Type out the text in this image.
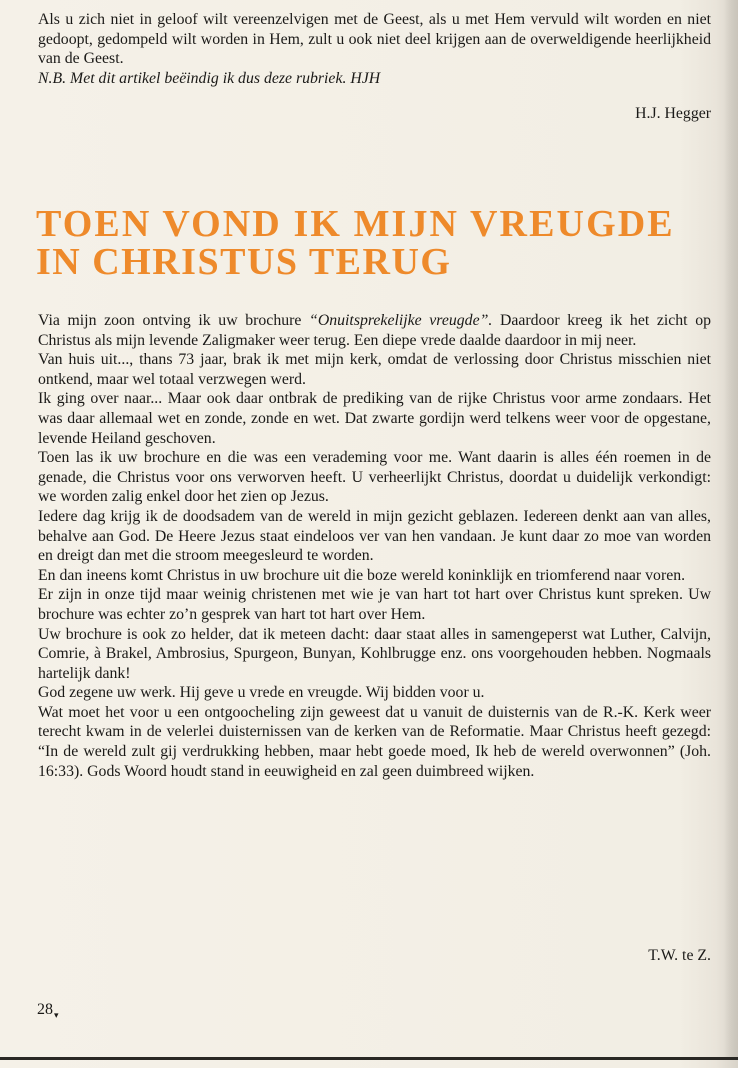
Als u zich niet in geloof wilt vereenzelvigen met de Geest, als u met Hem vervuld wilt worden en niet gedoopt, gedompeld wilt worden in Hem, zult u ook niet deel krijgen aan de overweldigende heerlijkheid van de Geest.

N.B. Met dit artikel beëindig ik dus deze rubriek. HJH

H.J. Hegger
TOEN VOND IK MIJN VREUGDE
IN CHRISTUS TERUG

Via mijn zoon ontving ik uw brochure “Onuitsprekelijke vreugde”. Daardoor kreeg ik het zicht op Christus als mijn levende Zaligmaker weer terug. Een diepe vrede daalde daardoor in mij neer.

Van huis uit..., thans 73 jaar, brak ik met mijn kerk, omdat de verlossing door Christus misschien niet ontkend, maar wel totaal verzwegen werd.

Ik ging over naar... Maar ook daar ontbrak de prediking van de rijke Christus voor arme zondaars. Het was daar allemaal wet en zonde, zonde en wet. Dat zwarte gordijn werd telkens weer voor de opgestane, levende Heiland geschoven.

Toen las ik uw brochure en die was een verademing voor me. Want daarin is alles één roemen in de genade, die Christus voor ons verworven heeft. U verheerlijkt Christus, doordat u duidelijk verkondigt: we worden zalig enkel door het zien op Jezus.

Iedere dag krijg ik de doodsadem van de wereld in mijn gezicht geblazen. Iedereen denkt aan van alles, behalve aan God. De Heere Jezus staat eindeloos ver van hen vandaan. Je kunt daar zo moe van worden en dreigt dan met die stroom meegesleurd te worden.

En dan ineens komt Christus in uw brochure uit die boze wereld koninklijk en triomferend naar voren.

Er zijn in onze tijd maar weinig christenen met wie je van hart tot hart over Christus kunt spreken. Uw brochure was echter zo’n gesprek van hart tot hart over Hem.

Uw brochure is ook zo helder, dat ik meteen dacht: daar staat alles in samengeperst wat Luther, Calvijn, Comrie, à Brakel, Ambrosius, Spurgeon, Bunyan, Kohlbrugge enz. ons voorgehouden hebben. Nogmaals hartelijk dank!

God zegene uw werk. Hij geve u vrede en vreugde. Wij bidden voor u.

Wat moet het voor u een ontgoocheling zijn geweest dat u vanuit de duisternis van de R.-K. Kerk weer terecht kwam in de velerlei duisternissen van de kerken van de Reformatie. Maar Christus heeft gezegd: “In de wereld zult gij verdrukking hebben, maar hebt goede moed, Ik heb de wereld overwonnen” (Joh. 16:33). Gods Woord houdt stand in eeuwigheid en zal geen duimbreed wijken.

T.W. te Z.
$28_▾$
